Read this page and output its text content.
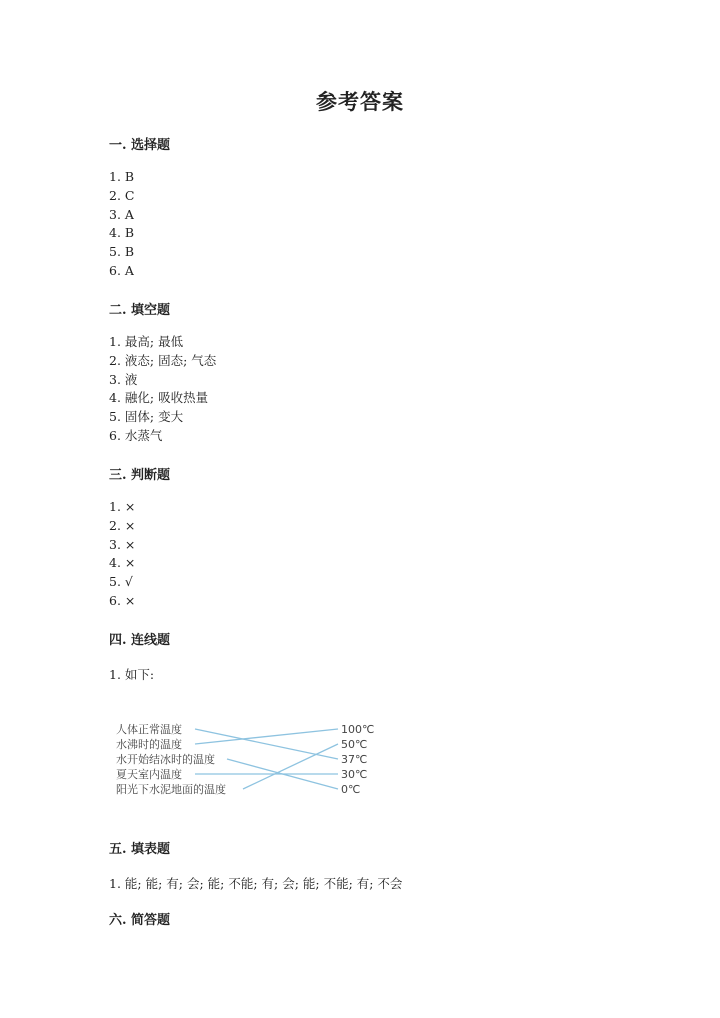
参考答案
一. 选择题
1. B
2. C
3. A
4. B
5. B
6. A
二. 填空题
1. 最高; 最低
2. 液态; 固态; 气态
3. 液
4. 融化; 吸收热量
5. 固体; 变大
6. 水蒸气
三. 判断题
1. ×
2. ×
3. ×
4. ×
5. √
6. ×
四. 连线题
1. 如下:
人体正常温度
水沸时的温度
水开始结冰时的温度
夏天室内温度
阳光下水泥地面的温度
100℃
50℃
37℃
30℃
0℃
五. 填表题
1. 能; 能; 有; 会; 能; 不能; 有; 会; 能; 不能; 有; 不会
六. 简答题
